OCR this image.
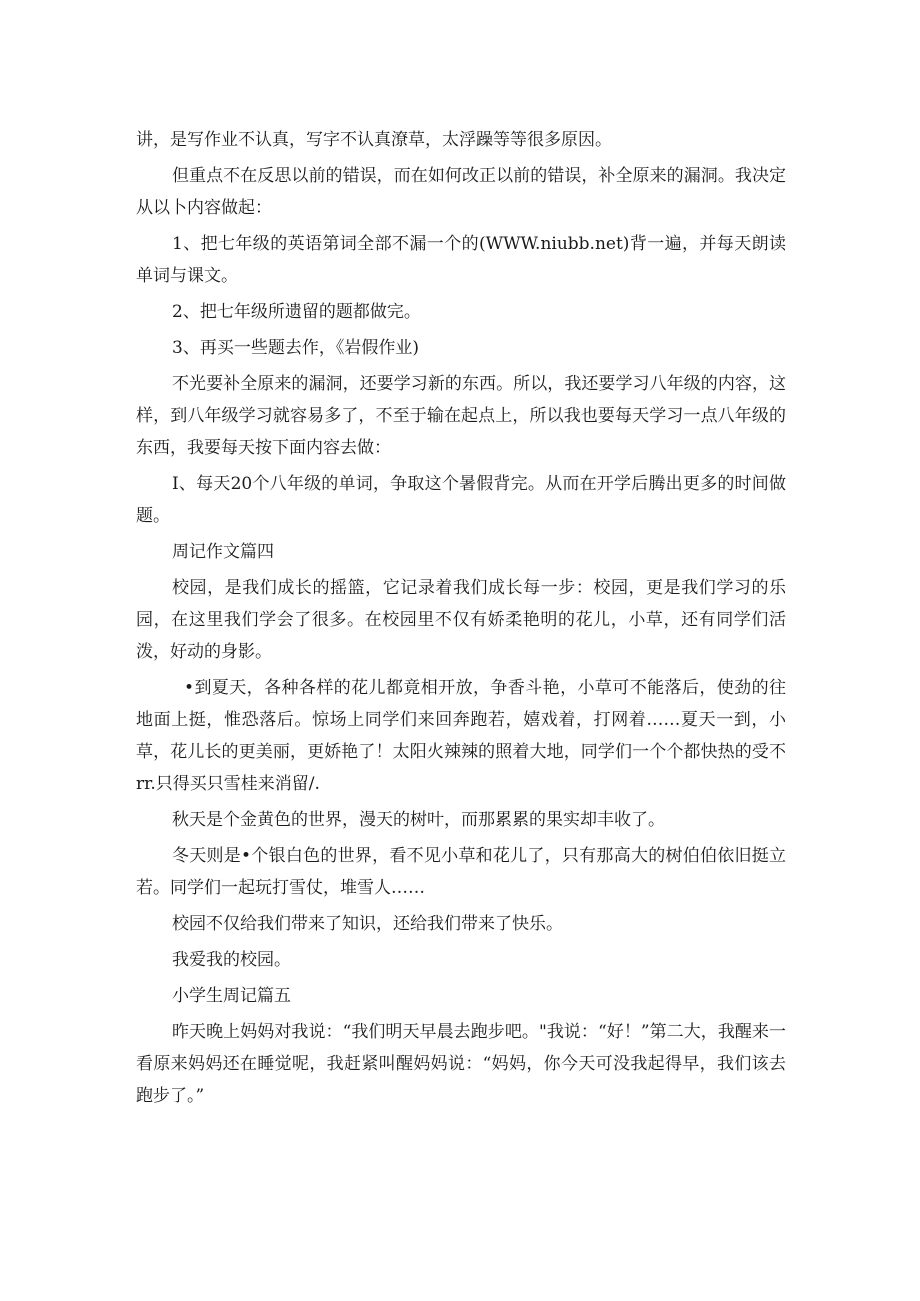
讲，是写作业不认真，写字不认真潦草，太浮躁等等很多原因。

但重点不在反思以前的错误，而在如何改正以前的错误，补全原来的漏洞。我决定从以卜内容做起：

1、把七年级的英语第词全部不漏一个的(WWW.niubb.net)背一遍，并每天朗读单词与课文。

2、把七年级所遗留的题都做完。

3、再买一些题去作，《岩假作业)

不光要补全原来的漏洞，还要学习新的东西。所以，我还要学习八年级的内容，这样，到八年级学习就容易多了，不至于输在起点上，所以我也要每天学习一点八年级的东西，我要每天按下面内容去做：

I、每天20个八年级的单词，争取这个暑假背完。从而在开学后腾出更多的时间做题。

周记作文篇四

校园，是我们成长的摇篮，它记录着我们成长每一步：校园，更是我们学习的乐园，在这里我们学会了很多。在校园里不仅有娇柔艳明的花儿，小草，还有同学们活泼，好动的身影。

•到夏天，各种各样的花儿都竟相开放，争香斗艳，小草可不能落后，使劲的往地面上挺，惟恐落后。惊场上同学们来回奔跑若，嬉戏着，打网着……夏天一到，小草，花儿长的更美丽，更娇艳了！太阳火辣辣的照着大地，同学们一个个都快热的受不rr.只得买只雪桂来消留/.

秋天是个金黄色的世界，漫天的树叶，而那累累的果实却丰收了。

冬天则是•个银白色的世界，看不见小草和花儿了，只有那高大的树伯伯依旧挺立若。同学们一起玩打雪仗，堆雪人……

校园不仅给我们带来了知识，还给我们带来了快乐。

我爱我的校园。

小学生周记篇五

昨天晚上妈妈对我说：“我们明天早晨去跑步吧。"我说：“好！”第二大，我醒来一看原来妈妈还在睡觉呢，我赶紧叫醒妈妈说：“妈妈，你今天可没我起得早，我们该去跑步了。”
